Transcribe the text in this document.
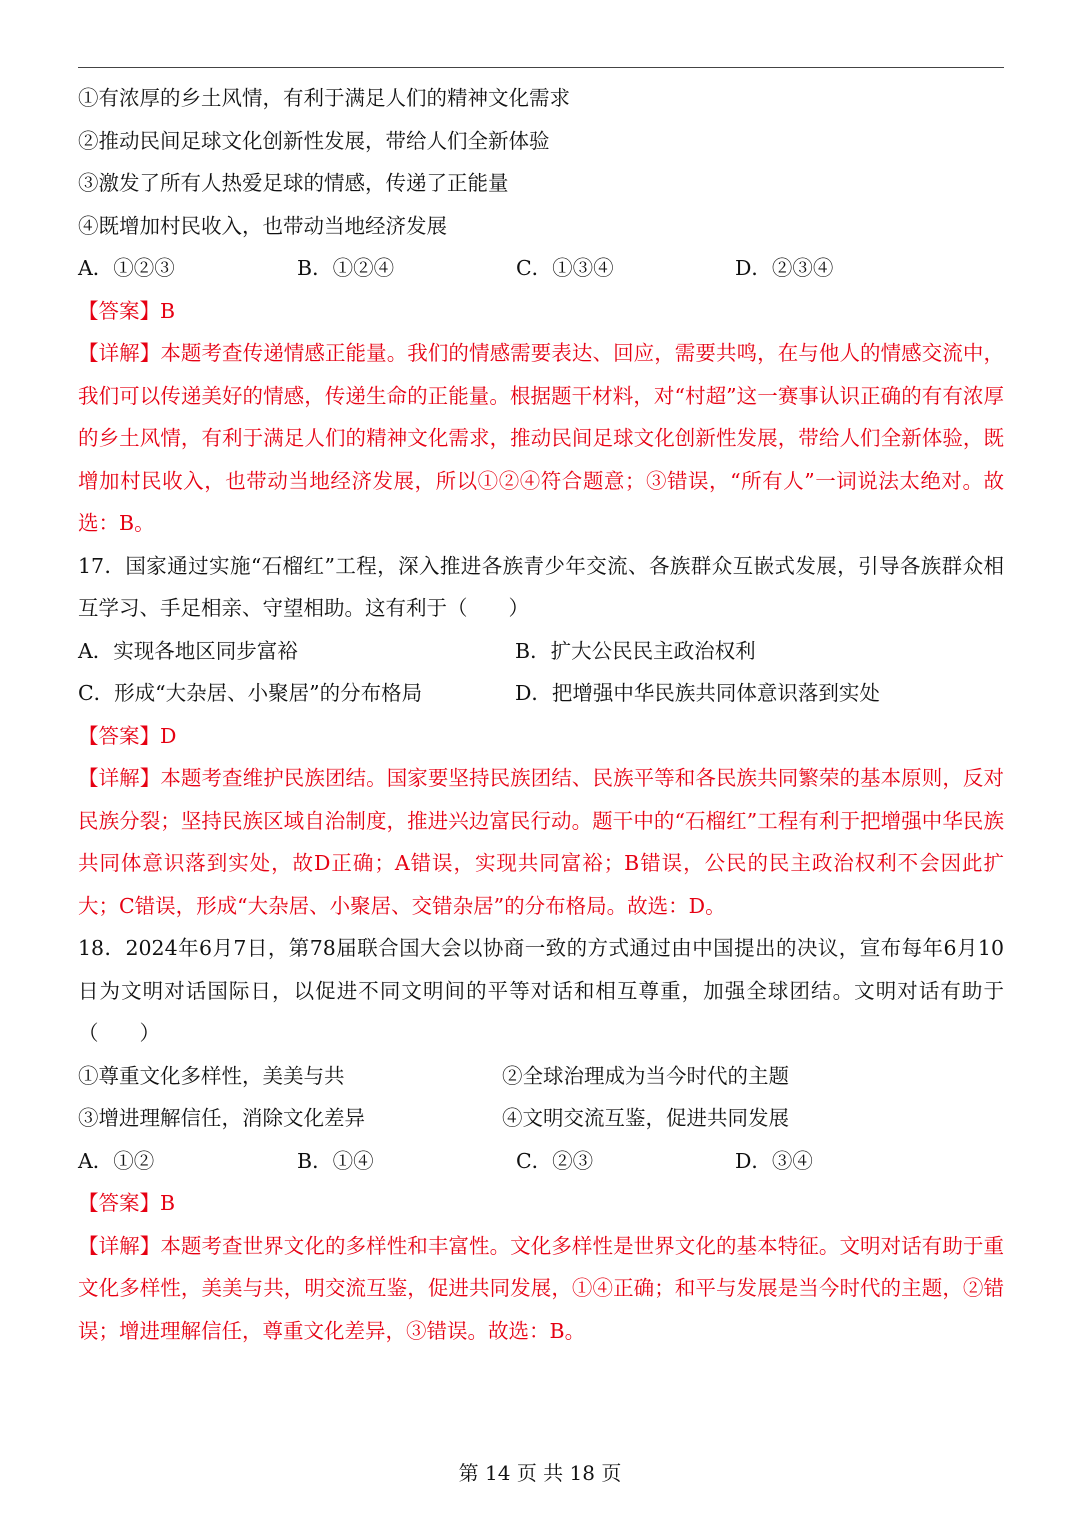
①有浓厚的乡土风情，有利于满足人们的精神文化需求
②推动民间足球文化创新性发展，带给人们全新体验
③激发了所有人热爱足球的情感，传递了正能量
④既增加村民收入，也带动当地经济发展
A．①②③	B．①②④	C．①③④	D．②③④
【答案】B
【详解】本题考查传递情感正能量。我们的情感需要表达、回应，需要共鸣，在与他人的情感交流中，我们可以传递美好的情感，传递生命的正能量。根据题干材料，对“村超”这一赛事认识正确的有有浓厚的乡土风情，有利于满足人们的精神文化需求，推动民间足球文化创新性发展，带给人们全新体验，既增加村民收入，也带动当地经济发展，所以①②④符合题意；③错误，“所有人”一词说法太绝对。故选：B。
17．国家通过实施“石榴红”工程，深入推进各族青少年交流、各族群众互嵌式发展，引导各族群众相互学习、手足相亲、守望相助。这有利于（　　）
A．实现各地区同步富裕	B．扩大公民民主政治权利
C．形成“大杂居、小聚居”的分布格局	D．把增强中华民族共同体意识落到实处
【答案】D
【详解】本题考查维护民族团结。国家要坚持民族团结、民族平等和各民族共同繁荣的基本原则，反对民族分裂；坚持民族区域自治制度，推进兴边富民行动。题干中的“石榴红”工程有利于把增强中华民族共同体意识落到实处，故D正确；A错误，实现共同富裕；B错误，公民的民主政治权利不会因此扩大；C错误，形成“大杂居、小聚居、交错杂居”的分布格局。故选：D。
18．2024年6月7日，第78届联合国大会以协商一致的方式通过由中国提出的决议，宣布每年6月10日为文明对话国际日，以促进不同文明间的平等对话和相互尊重，加强全球团结。文明对话有助于（　　）
①尊重文化多样性，美美与共	②全球治理成为当今时代的主题
③增进理解信任，消除文化差异	④文明交流互鉴，促进共同发展
A．①②	B．①④	C．②③	D．③④
【答案】B
【详解】本题考查世界文化的多样性和丰富性。文化多样性是世界文化的基本特征。文明对话有助于重文化多样性，美美与共，明交流互鉴，促进共同发展，①④正确；和平与发展是当今时代的主题，②错误；增进理解信任，尊重文化差异，③错误。故选：B。
第 14 页 共 18 页
